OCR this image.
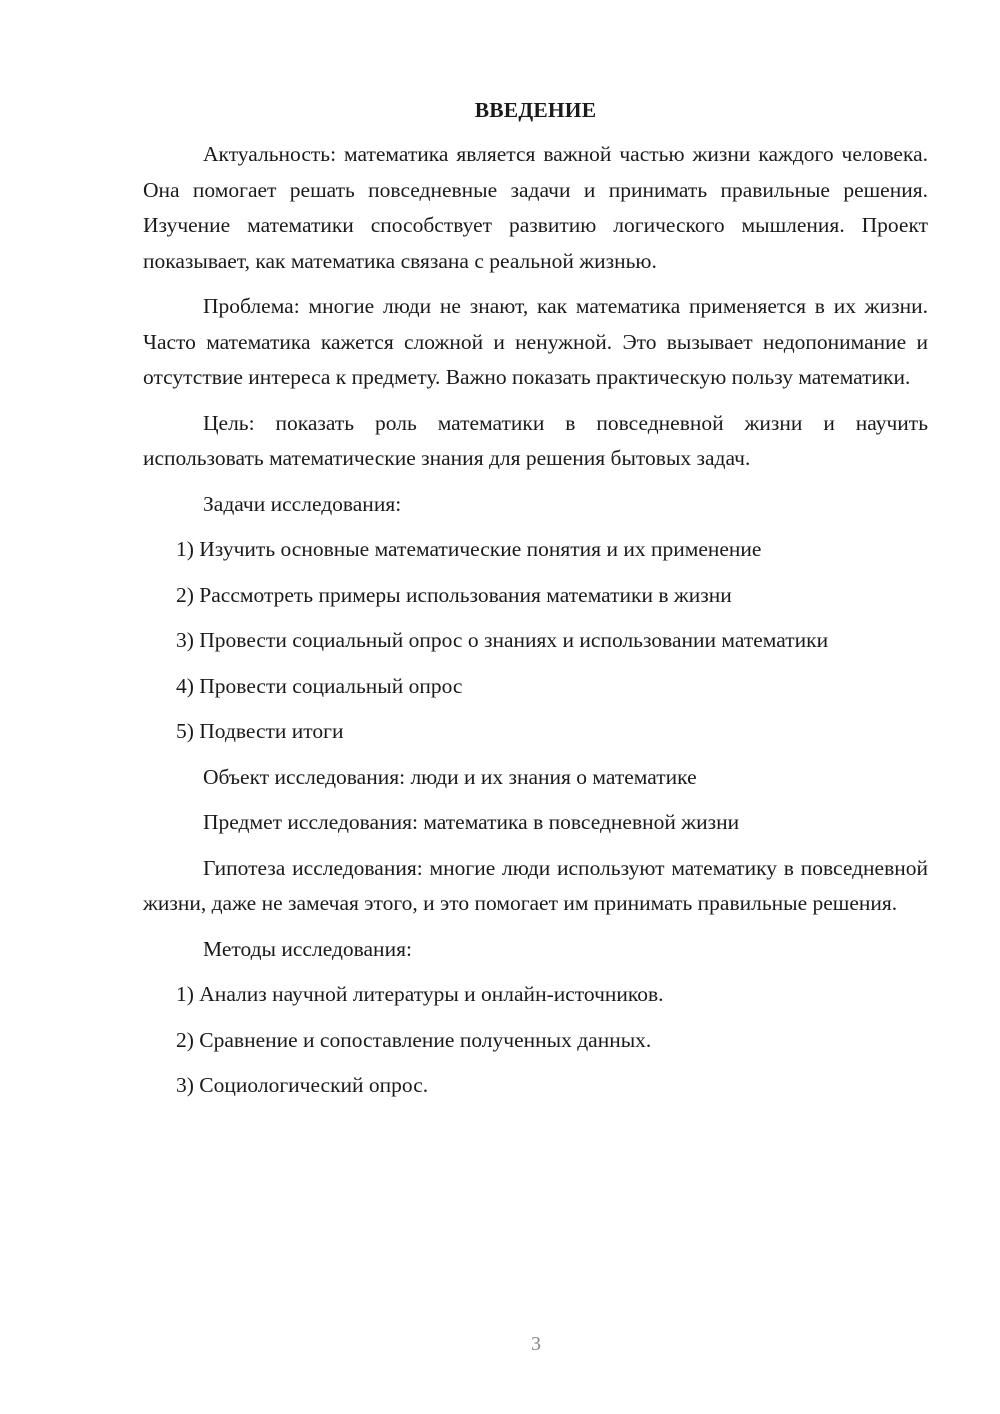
ВВЕДЕНИЕ

Актуальность: математика является важной частью жизни каждого человека. Она помогает решать повседневные задачи и принимать правильные решения. Изучение математики способствует развитию логического мышления. Проект показывает, как математика связана с реальной жизнью.

Проблема: многие люди не знают, как математика применяется в их жизни. Часто математика кажется сложной и ненужной. Это вызывает недопонимание и отсутствие интереса к предмету. Важно показать практическую пользу математики.

Цель: показать роль математики в повседневной жизни и научить использовать математические знания для решения бытовых задач.

Задачи исследования:

1) Изучить основные математические понятия и их применение

2) Рассмотреть примеры использования математики в жизни

3) Провести социальный опрос о знаниях и использовании математики

4) Провести социальный опрос

5) Подвести итоги

Объект исследования: люди и их знания о математике

Предмет исследования: математика в повседневной жизни

Гипотеза исследования: многие люди используют математику в повседневной жизни, даже не замечая этого, и это помогает им принимать правильные решения.

Методы исследования:

1) Анализ научной литературы и онлайн-источников.

2) Сравнение и сопоставление полученных данных.

3) Социологический опрос.

3
